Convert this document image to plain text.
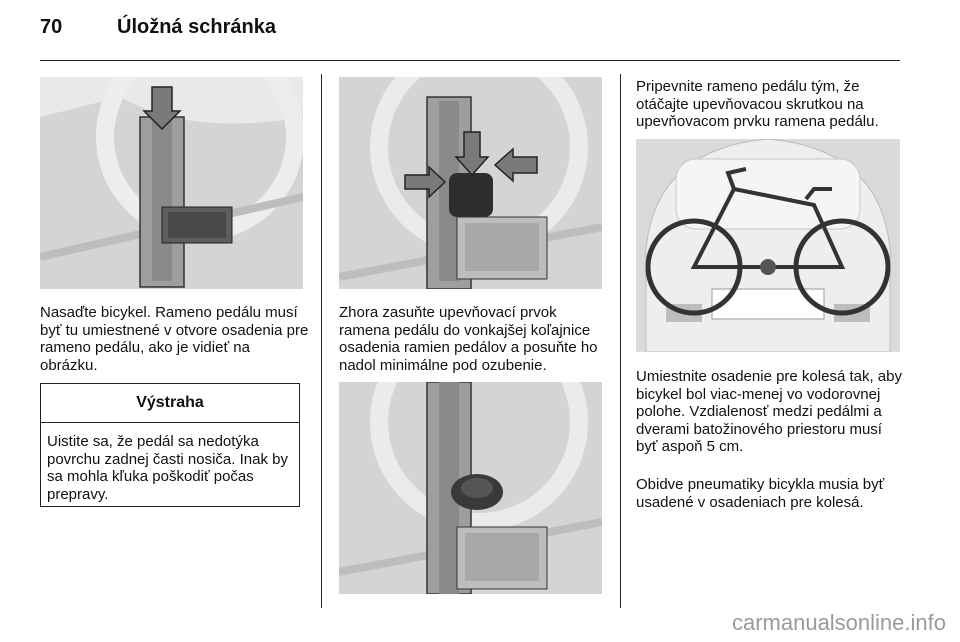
70	Úložná schránka

Nasaďte bicykel. Rameno pedálu musí byť tu umiestnené v otvore osadenia pre rameno pedálu, ako je vidieť na obrázku.

Výstraha

Uistite sa, že pedál sa nedotýka povrchu zadnej časti nosiča. Inak by sa mohla kľuka poškodiť počas prepravy.

Zhora zasuňte upevňovací prvok ramena pedálu do vonkajšej koľajnice osadenia ramien pedálov a posuňte ho nadol minimálne pod ozubenie.

Pripevnite rameno pedálu tým, že otáčajte upevňovacou skrutkou na upevňovacom prvku ramena pedálu.

Umiestnite osadenie pre kolesá tak, aby bicykel bol viac-menej vo vodorovnej polohe. Vzdialenosť medzi pedálmi a dverami batožinového priestoru musí byť aspoň 5 cm.

Obidve pneumatiky bicykla musia byť usadené v osadeniach pre kolesá.

carmanualsonline.info
